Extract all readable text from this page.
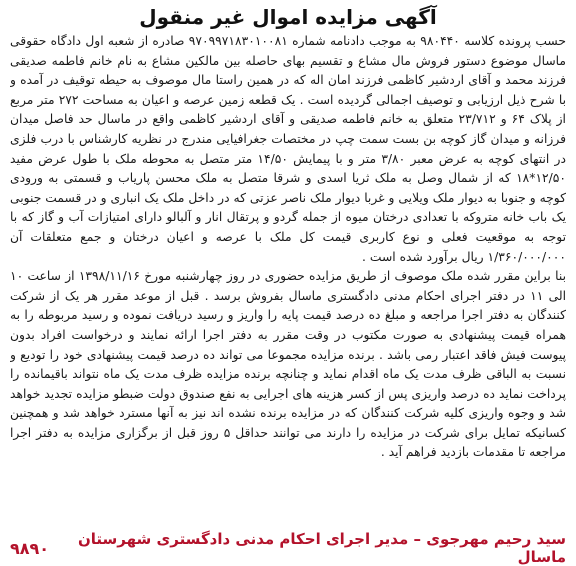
آگهی مزایده اموال غیر منقول

حسب پرونده کلاسه ۹۸۰۴۴۰ به موجب دادنامه شماره ۹۷۰۹۹۷۱۸۳۰۱۰۰۸۱ صادره از شعبه اول دادگاه حقوقی ماسال موضوع دستور فروش مال مشاع و تقسیم بهای حاصله بین مالکین مشاع به نام خانم فاطمه صدیقی فرزند محمد و آقای اردشیر کاظمی فرزند امان اله که در همین راستا مال موصوف به حیطه توقیف در آمده و با شرح ذیل ارزیابی و توصیف اجمالی گردیده است . یک قطعه زمین عرصه و اعیان به مساحت ۲۷۲ متر مربع از پلاک ۶۴ و ۲۳/۷۱۲ متعلق به خانم فاطمه صدیقی و آقای اردشیر کاظمی واقع در ماسال حد فاصل میدان فرزانه و میدان گاز کوچه بن بست سمت چپ در مختصات جغرافیایی مندرج در نظریه کارشناس با درب فلزی در انتهای کوچه به عرض معبر ۳/۸۰ متر و با پیمایش ۱۴/۵۰ متر متصل به محوطه ملک با طول عرض مفید ۱۲/۵۰*۱۸ که از شمال وصل به ملک ثریا اسدی و شرقا متصل به ملک محسن پاریاب و قسمتی به ورودی کوچه و جنوبا به دیوار ملک ویلایی و غربا دیوار ملک ناصر عزتی که در داخل ملک یک انباری و در قسمت جنوبی یک باب خانه متروکه با تعدادی درختان میوه از جمله گردو و پرتقال انار و آلبالو دارای امتیازات آب و گاز که با توجه به موقعیت فعلی و نوع کاربری قیمت کل ملک با عرصه و اعیان درختان و جمع متعلقات آن ۱/۳۶۰/۰۰۰/۰۰۰ ریال برآورد شده است .

بنا براین مقرر شده ملک موصوف از طریق مزایده حضوری در روز چهارشنبه مورخ ۱۳۹۸/۱۱/۱۶ از ساعت ۱۰ الی ۱۱ در دفتر اجرای احکام مدنی دادگستری ماسال بفروش برسد . قبل از موعد مقرر هر یک از شرکت کنندگان به دفتر اجرا مراجعه و مبلغ ده درصد قیمت پایه را واریز و رسید دریافت نموده و رسید مربوطه را به همراه قیمت پیشنهادی به صورت مکتوب در وقت مقرر به دفتر اجرا ارائه نمایند و درخواست افراد بدون پیوست فیش فاقد اعتبار رمی باشد . برنده مزایده مجموعا می تواند ده درصد قیمت پیشنهادی خود را تودیع و نسبت به الباقی ظرف مدت یک ماه اقدام نماید و چنانچه برنده مزایده ظرف مدت یک ماه نتواند باقیمانده را پرداخت نماید ده درصد واریزی پس از کسر هزینه های اجرایی به نفع صندوق دولت ضبطو مزایده تجدید خواهد شد و وجوه واریزی کلیه شرکت کنندگان که در مزایده برنده نشده اند نیز به آنها مسترد خواهد شد و همچنین کسانیکه تمایل برای شرکت در مزایده را دارند می توانند حداقل ۵ روز قبل از برگزاری مزایده به دفتر اجرا مراجعه تا مقدمات بازدید فراهم آید .

سید رحیم مهرجوی – مدیر اجرای احکام مدنی دادگستری شهرستان ماسال
۹۸۹۰
